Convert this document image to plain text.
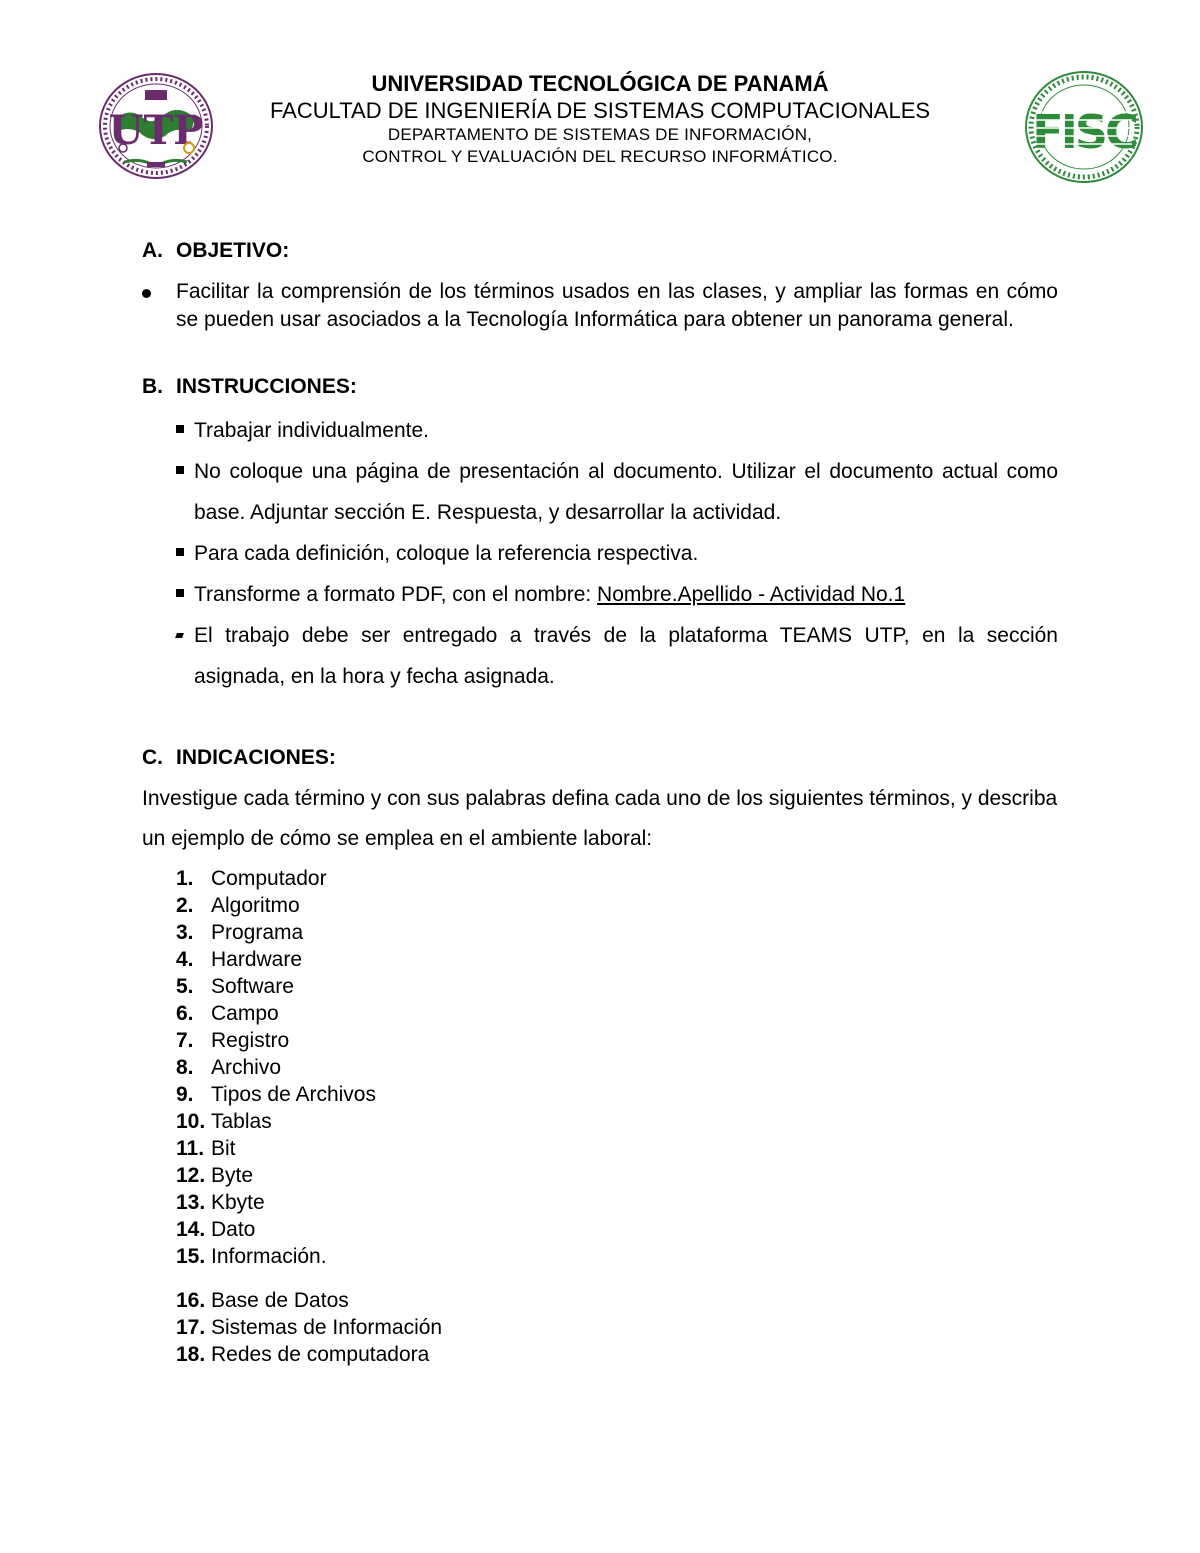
UTP
UNIVERSIDAD TECNOLÓGICA DE PANAMÁ
FACULTAD DE INGENIERÍA DE SISTEMAS COMPUTACIONALES
DEPARTAMENTO DE SISTEMAS DE INFORMACIÓN,
CONTROL Y EVALUACIÓN DEL RECURSO INFORMÁTICO.	FISC
A. OBJETIVO:
Facilitar la comprensión de los términos usados en las clases, y ampliar las formas en cómo se pueden usar asociados a la Tecnología Informática para obtener un panorama general.
B. INSTRUCCIONES:
Trabajar individualmente.
No coloque una página de presentación al documento. Utilizar el documento actual como base. Adjuntar sección E. Respuesta, y desarrollar la actividad.
Para cada definición, coloque la referencia respectiva.
Transforme a formato PDF, con el nombre: Nombre.Apellido - Actividad No.1
El trabajo debe ser entregado a través de la plataforma TEAMS UTP, en la sección asignada, en la hora y fecha asignada.
C. INDICACIONES:
Investigue cada término y con sus palabras defina cada uno de los siguientes términos, y describa un ejemplo de cómo se emplea en el ambiente laboral:
1. Computador
2. Algoritmo
3. Programa
4. Hardware
5. Software
6. Campo
7. Registro
8. Archivo
9. Tipos de Archivos
10. Tablas
11. Bit
12. Byte
13. Kbyte
14. Dato
15. Información.
16. Base de Datos
17. Sistemas de Información
18. Redes de computadora
